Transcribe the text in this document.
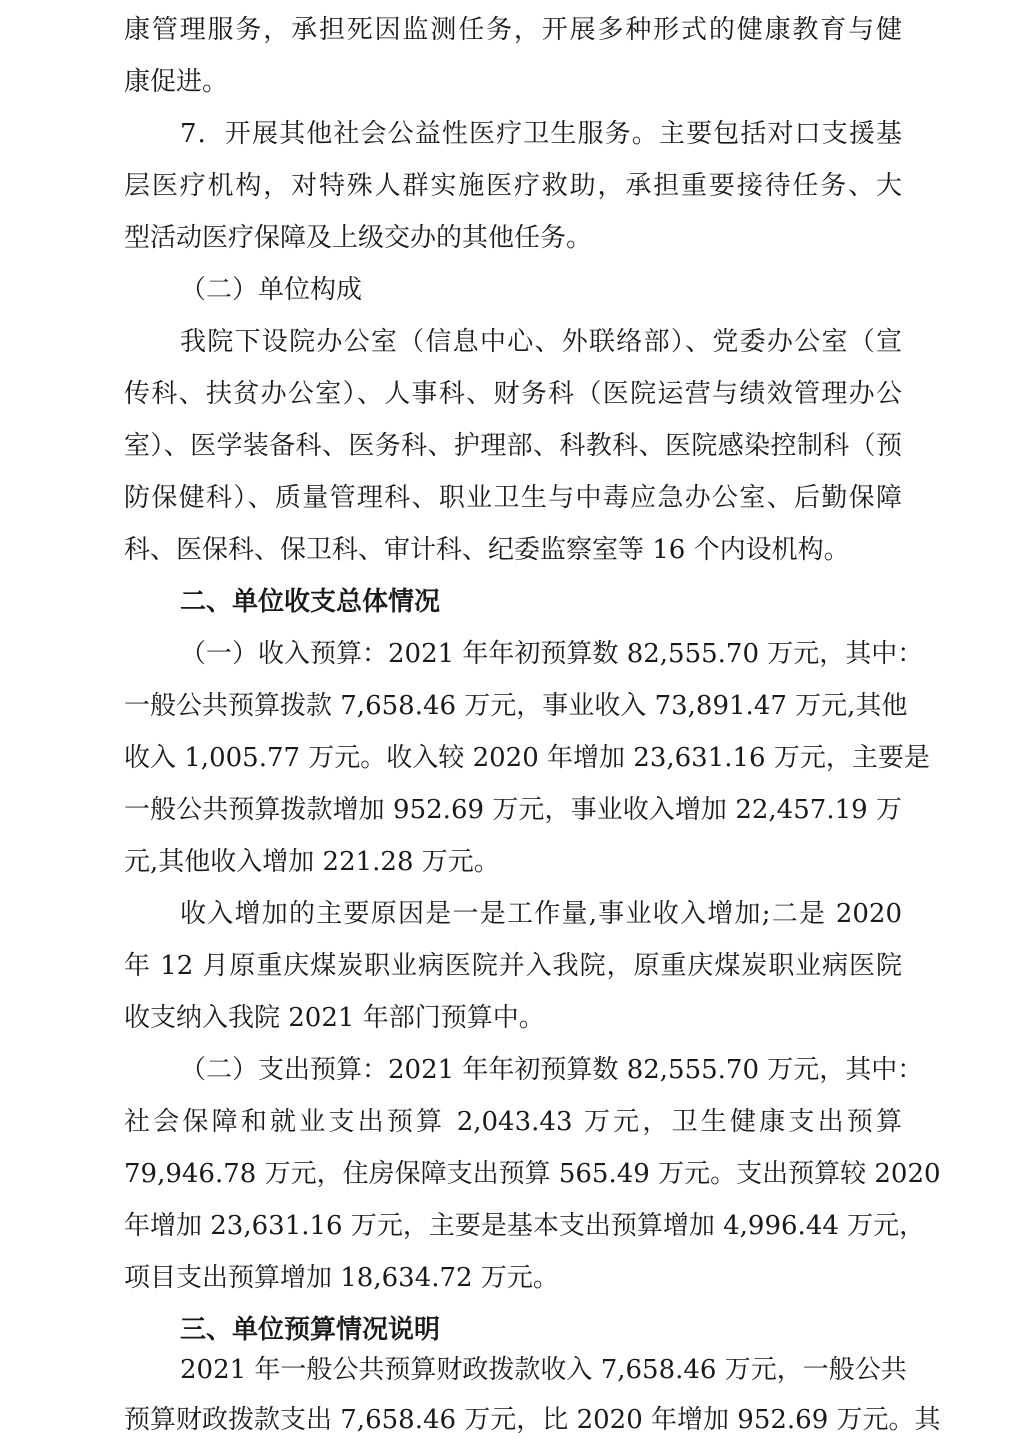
康管理服务，承担死因监测任务，开展多种形式的健康教育与健
康促进。
7．开展其他社会公益性医疗卫生服务。主要包括对口支援基
层医疗机构，对特殊人群实施医疗救助，承担重要接待任务、大
型活动医疗保障及上级交办的其他任务。
（二）单位构成
我院下设院办公室（信息中心、外联络部）、党委办公室（宣
传科、扶贫办公室）、人事科、财务科（医院运营与绩效管理办公
室）、医学装备科、医务科、护理部、科教科、医院感染控制科（预
防保健科）、质量管理科、职业卫生与中毒应急办公室、后勤保障
科、医保科、保卫科、审计科、纪委监察室等 16 个内设机构。
二、单位收支总体情况
（一）收入预算：2021 年年初预算数 82,555.70 万元，其中：
一般公共预算拨款 7,658.46 万元，事业收入 73,891.47 万元,其他
收入 1,005.77 万元。收入较 2020 年增加 23,631.16 万元，主要是
一般公共预算拨款增加 952.69 万元，事业收入增加 22,457.19 万
元,其他收入增加 221.28 万元。
收入增加的主要原因是一是工作量,事业收入增加;二是 2020
年 12 月原重庆煤炭职业病医院并入我院，原重庆煤炭职业病医院
收支纳入我院 2021 年部门预算中。
（二）支出预算：2021 年年初预算数 82,555.70 万元，其中：
社会保障和就业支出预算 2,043.43 万元，卫生健康支出预算
79,946.78 万元，住房保障支出预算 565.49 万元。支出预算较 2020
年增加 23,631.16 万元，主要是基本支出预算增加 4,996.44 万元，
项目支出预算增加 18,634.72 万元。
三、单位预算情况说明
2021 年一般公共预算财政拨款收入 7,658.46 万元，一般公共
预算财政拨款支出 7,658.46 万元，比 2020 年增加 952.69 万元。其
